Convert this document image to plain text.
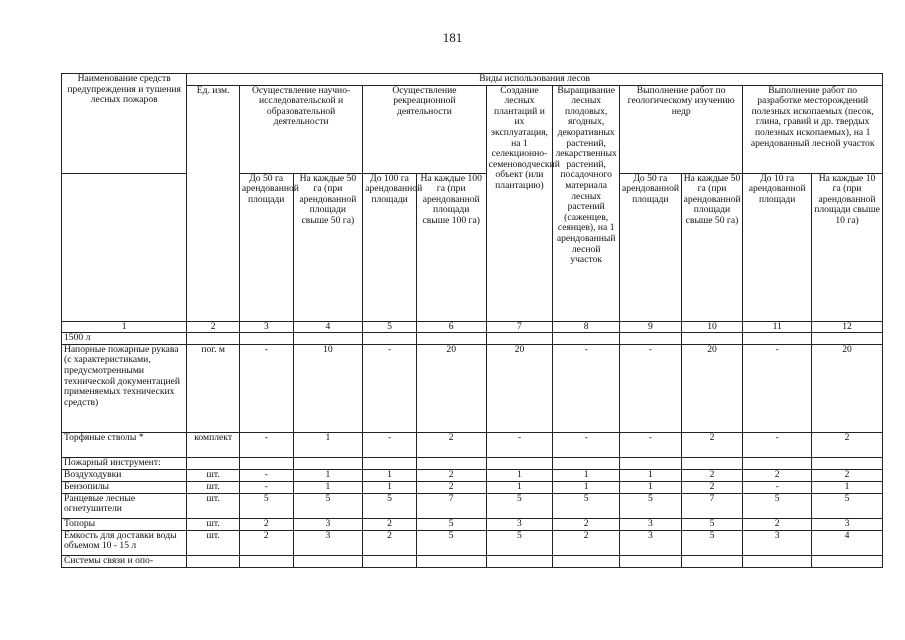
181
Наименование средств предупреждения и тушения лесных пожаров	Виды использования лесов										
	Ед. изм.	Осуществление научно-исследовательской и образовательной деятельности		Осуществление рекреационной деятельности		Создание лесных плантаций и их эксплуатация, на 1 селекционно-семеноводческий объект (или плантацию)	Выращивание лесных плодовых, ягодных, декоративных растений, лекарственных растений, посадочного материала лесных растений (саженцев, сеянцев), на 1 арендованный лесной участок	Выполнение работ по геологическому изучению недр		Выполнение работ по разработке месторождений полезных ископаемых (песок, глина, гравий и др. твердых полезных ископаемых), на 1 арендованный лесной участок	
		До 50 га арендованной площади	На каждые 50 га (при арендованной площади свыше 50 га)	До 100 га арендованной площади	На каждые 100 га (при арендованной площади свыше 100 га)			До 50 га арендованной площади	На каждые 50 га (при арендованной площади свыше 50 га)	До 10 га арендованной площади	На каждые 10 га (при арендованной площади свыше 10 га)
1	2	3	4	5	6	7	8	9	10	11	12
1500 л											
Напорные пожарные рукава (с характеристиками, предусмотренными технической документацией применяемых технических средств)	пог. м	-	10	-	20	20	-	-	20	-	20
Торфяные стволы *	комплект	-	1	-	2	-	-	-	2	-	2
Пожарный инструмент:											
Воздуходувки	шт.	-	1	1	2	1	1	1	2	2	2
Бензопилы	шт.	-	1	1	2	1	1	1	2	-	1
Ранцевые лесные огнетушители	шт.	5	5	5	7	5	5	5	7	5	5
Топоры	шт.	2	3	2	5	3	2	3	5	2	3
Емкость для доставки воды объемом 10 - 15 л	шт.	2	3	2	5	5	2	3	5	3	4
Системы связи и опо-											
